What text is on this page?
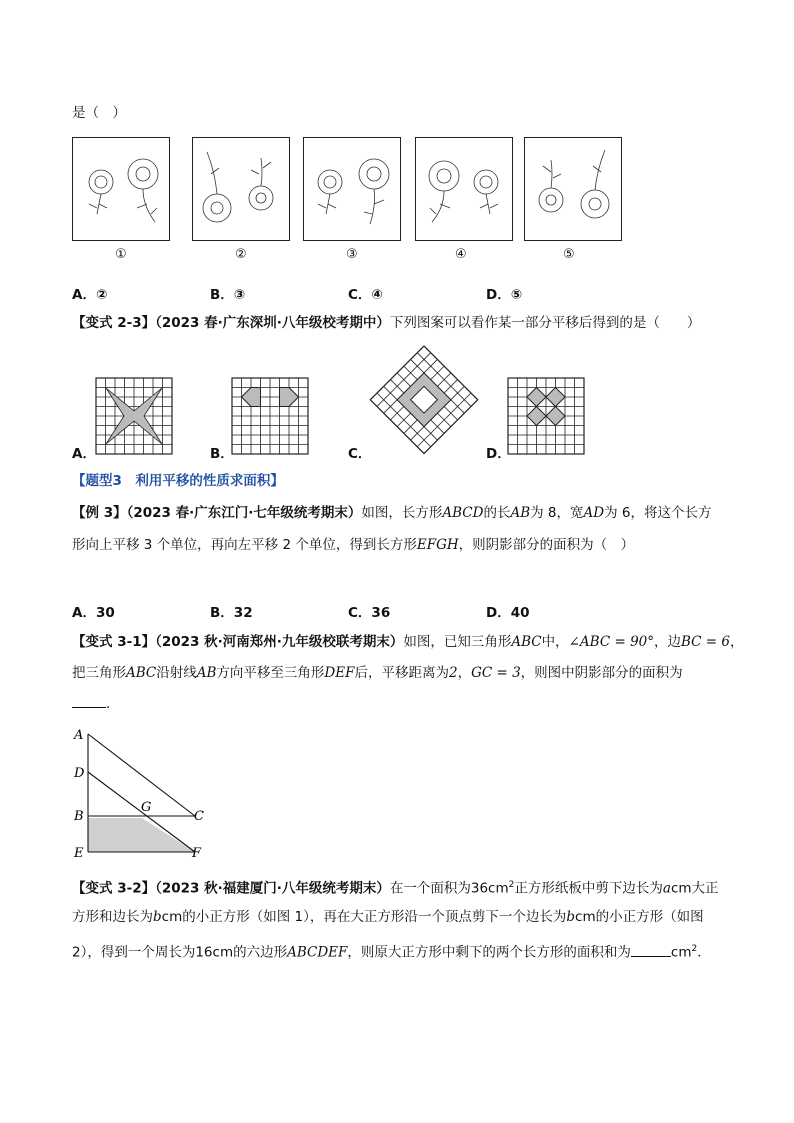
是（　）
①	②	③	④	⑤
A．②	B．③	C．④	D．⑤
【变式 2-3】（2023 春·广东深圳·八年级校考期中）下列图案可以看作某一部分平移后得到的是（　　）
A．	B．	C．	D．
【题型3　利用平移的性质求面积】
【例 3】（2023 春·广东江门·七年级统考期末）如图，长方形ABCD的长AB为 8，宽AD为 6，将这个长方
形向上平移 3 个单位，再向左平移 2 个单位，得到长方形EFGH，则阴影部分的面积为（　）
A．30	B．32	C．36	D．40
【变式 3-1】（2023 秋·河南郑州·九年级校联考期末）如图，已知三角形ABC中，∠ABC = 90°，边BC = 6，
把三角形ABC沿射线AB方向平移至三角形DEF后，平移距离为2，GC = 3，则图中阴影部分的面积为
．
A
D
B
E
G
C
F
【变式 3-2】（2023 秋·福建厦门·八年级统考期末）在一个面积为$36cm^2$正方形纸板中剪下边长为acm大正
方形和边长为bcm的小正方形（如图 1），再在大正方形沿一个顶点剪下一个边长为bcm的小正方形（如图
2），得到一个周长为16cm的六边形ABCDEF，则原大正方形中剩下的两个长方形的面积和为	$cm^2$．
